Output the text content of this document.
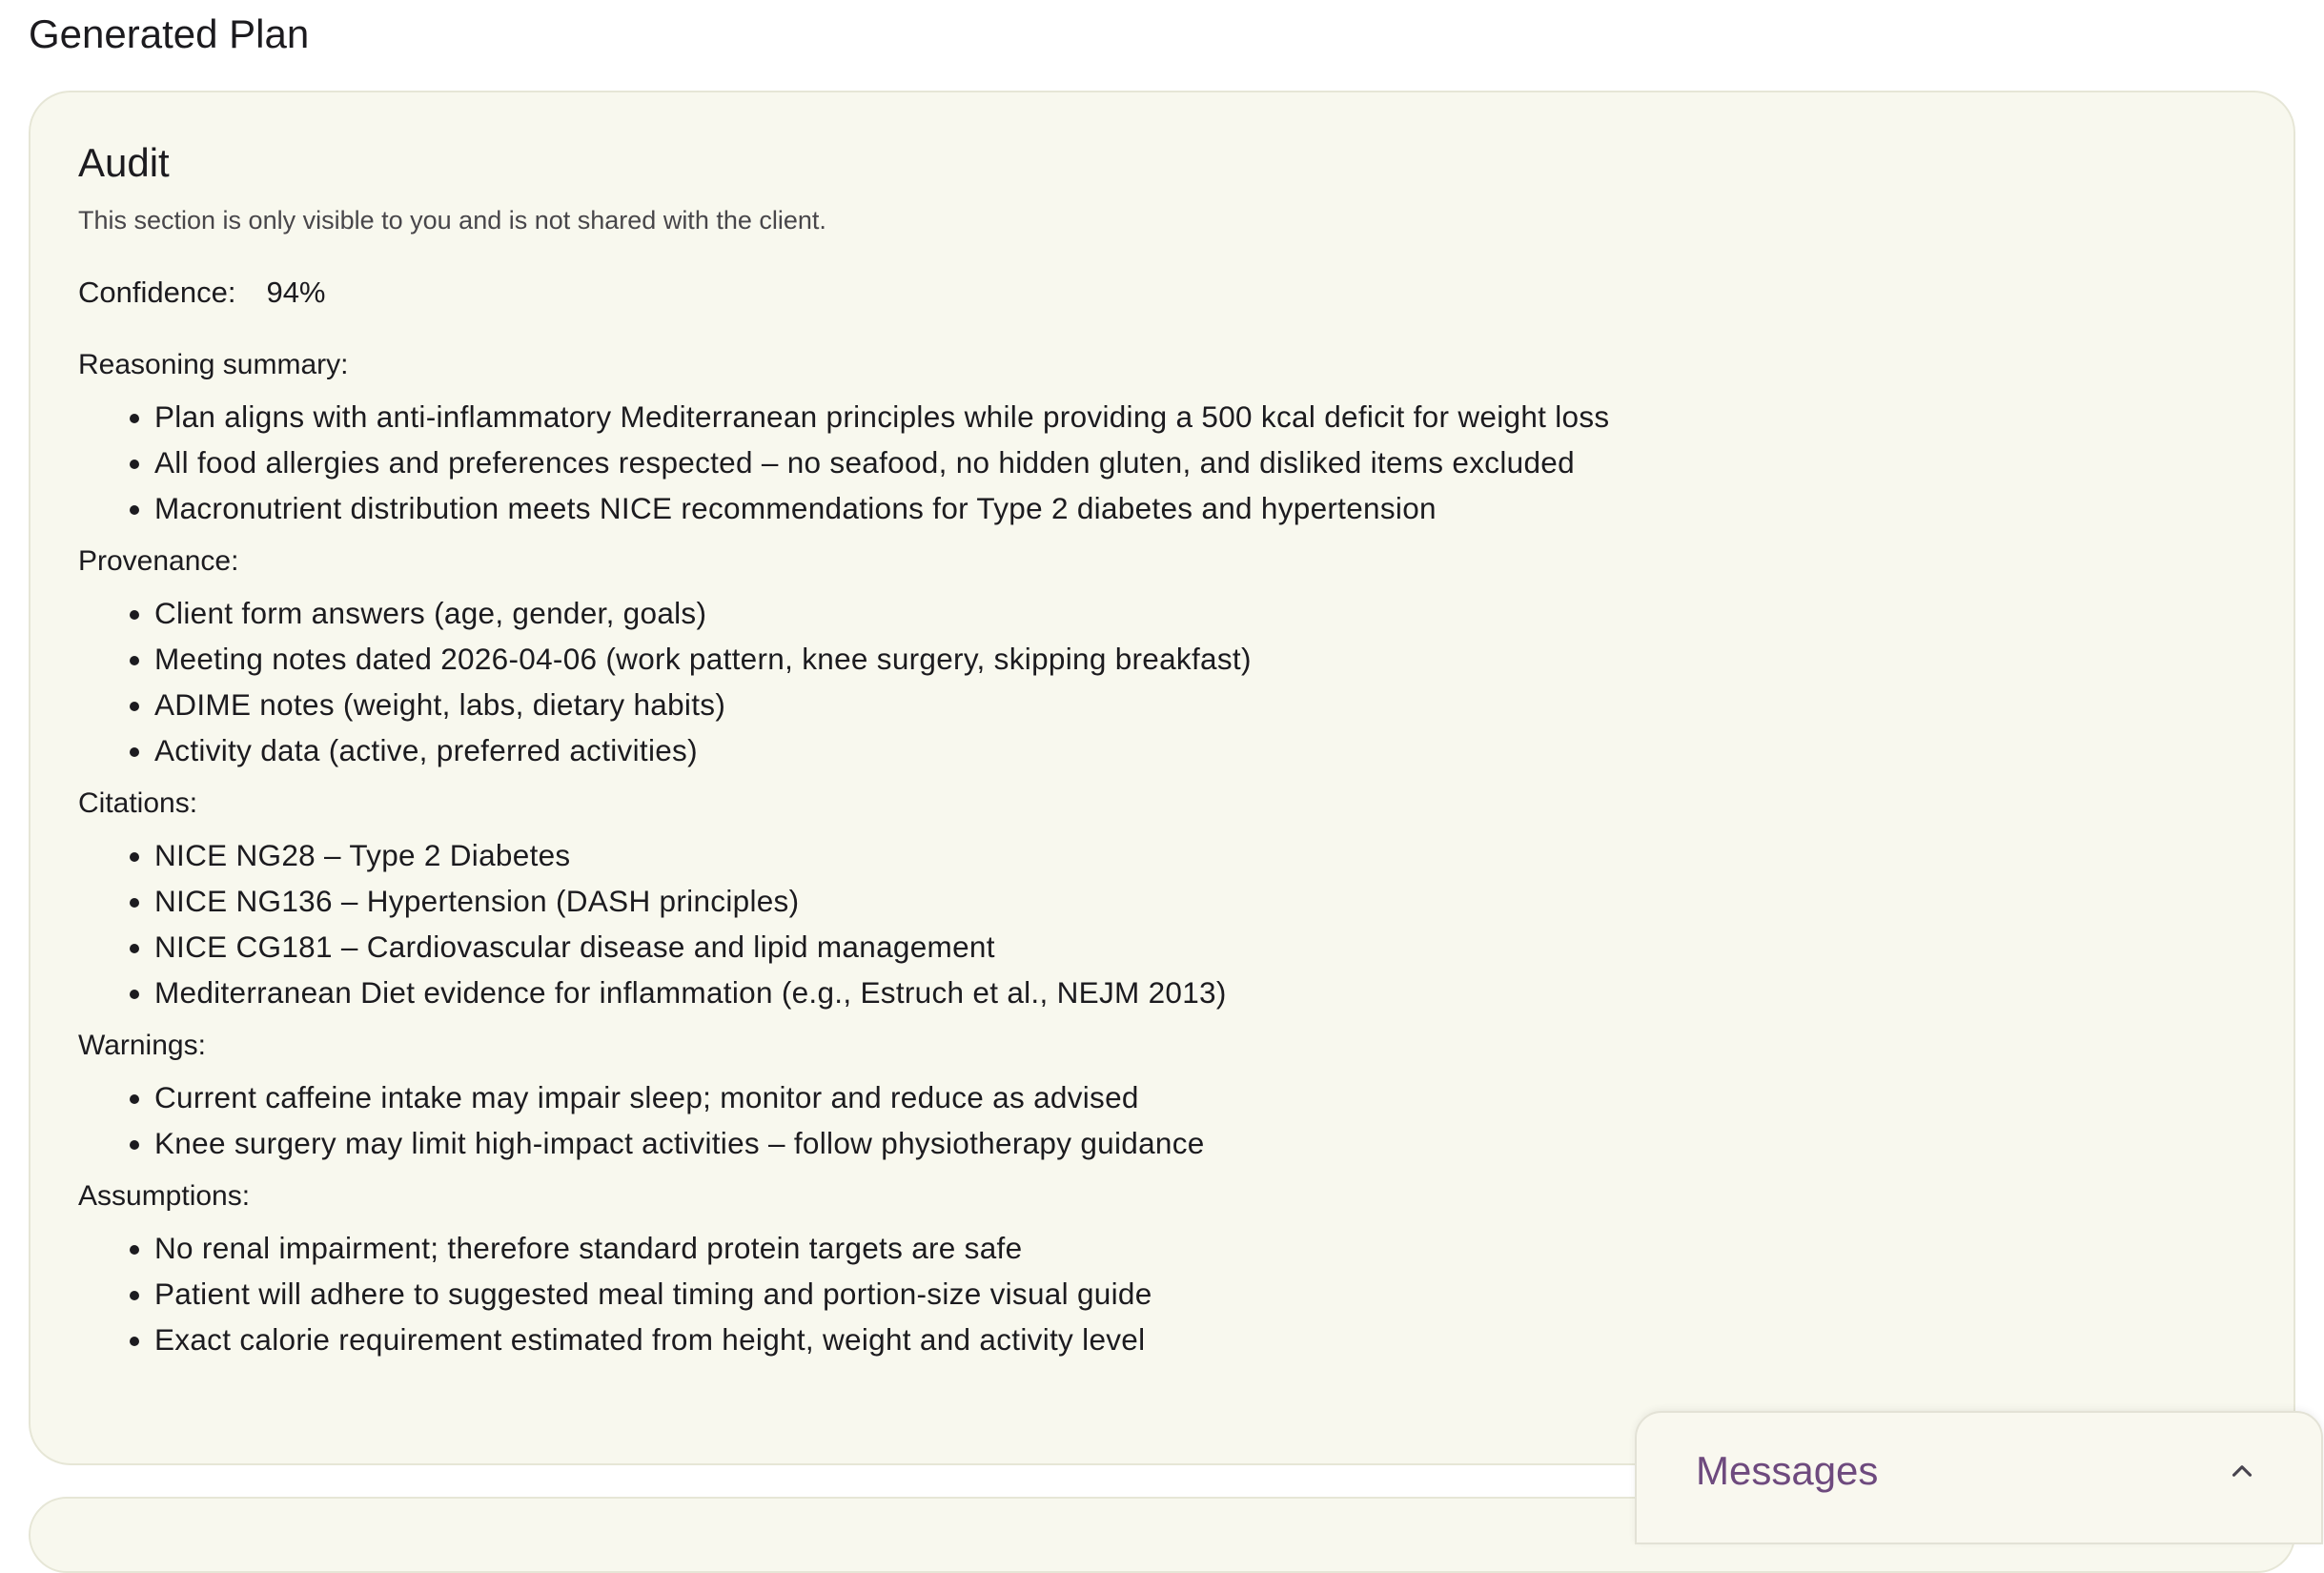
Generated Plan
Audit

This section is only visible to you and is not shared with the client.

Confidence: 94%

Reasoning summary:

• Plan aligns with anti-inflammatory Mediterranean principles while providing a 500 kcal deficit for weight loss
• All food allergies and preferences respected – no seafood, no hidden gluten, and disliked items excluded
• Macronutrient distribution meets NICE recommendations for Type 2 diabetes and hypertension

Provenance:

• Client form answers (age, gender, goals)
• Meeting notes dated 2026-04-06 (work pattern, knee surgery, skipping breakfast)
• ADIME notes (weight, labs, dietary habits)
• Activity data (active, preferred activities)

Citations:

• NICE NG28 – Type 2 Diabetes
• NICE NG136 – Hypertension (DASH principles)
• NICE CG181 – Cardiovascular disease and lipid management
• Mediterranean Diet evidence for inflammation (e.g., Estruch et al., NEJM 2013)

Warnings:

• Current caffeine intake may impair sleep; monitor and reduce as advised
• Knee surgery may limit high-impact activities – follow physiotherapy guidance

Assumptions:

• No renal impairment; therefore standard protein targets are safe
• Patient will adhere to suggested meal timing and portion-size visual guide
• Exact calorie requirement estimated from height, weight and activity level
Messages
